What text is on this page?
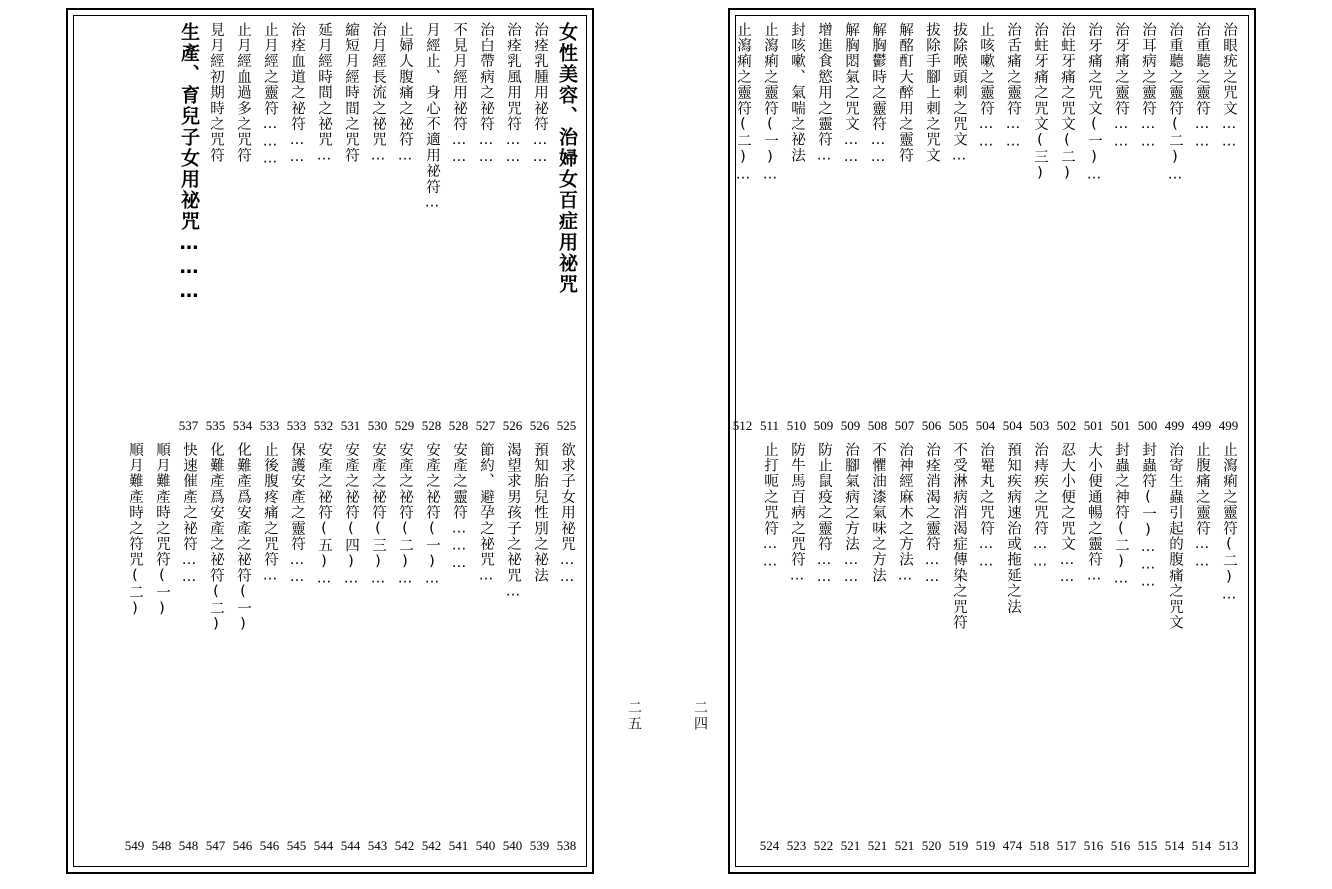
女性美容、治婦女百症用祕咒
525
治痊乳腫用祕符……
526
治痊乳風用咒符……
526
治白帶病之祕符……
527
不見月經用祕符……
528
月經止、身心不適用祕符…
528
止婦人腹痛之祕符…
529
治月經長流之祕咒…
530
縮短月經時間之咒符
531
延月經時間之祕咒…
532
治痊血道之祕符……
533
止月經之靈符………
533
止月經血過多之咒符
534
見月經初期時之咒符
535
生產、育兒子女用祕咒………
537
欲求子女用祕咒……
538
預知胎兒性別之祕法
539
渴望求男孩子之祕咒…
540
節約、避孕之祕咒…
540
安產之靈符………
541
安產之祕符(一)…
542
安產之祕符(二)…
542
安產之祕符(三)…
543
安產之祕符(四)…
544
安產之祕符(五)…
544
保護安產之靈符……
545
止後腹疼痛之咒符…
546
化難產爲安產之祕符(一)
546
化難產爲安產之祕符(二)
547
快速催產之祕符……
548
順月難產時之咒符(一)
548
順月難產時之符咒(二)
549
二五
治眼疣之咒文……
499
治重聽之靈符……
499
治重聽之靈符(二)…
499
治耳病之靈符……
500
治牙痛之靈符……
501
治牙痛之咒文(一)…
501
治蛀牙痛之咒文(二)
502
治蛀牙痛之咒文(三)
503
治舌痛之靈符……
504
止咳嗽之靈符……
504
拔除喉頭刺之咒文…
505
拔除手腳上刺之咒文
506
解酩酊大醉用之靈符
507
解胸鬱時之靈符……
508
解胸悶氣之咒文……
509
增進食慾用之靈符…
509
封咳嗽、氣喘之祕法
510
止瀉痢之靈符(一)…
511
止瀉痢之靈符(二)…
512
止瀉痢之靈符(二)…
513
止腹痛之靈符……
514
治寄生蟲引起的腹痛之咒文
514
封蟲符(一)………
515
封蟲之神符(二)…
516
大小便通暢之靈符…
516
忍大小便之咒文……
517
治痔疾之咒符……
518
預知疾病速治或拖延之法
474
治罨丸之咒符……
519
不受淋病消渴症傳染之咒符
519
治痊消渴之靈符……
520
治神經麻木之方法…
521
不懼油漆氣味之方法
521
治腳氣病之方法……
521
防止鼠疫之靈符……
522
防牛馬百病之咒符…
523
止打呃之咒符……
524
二四
